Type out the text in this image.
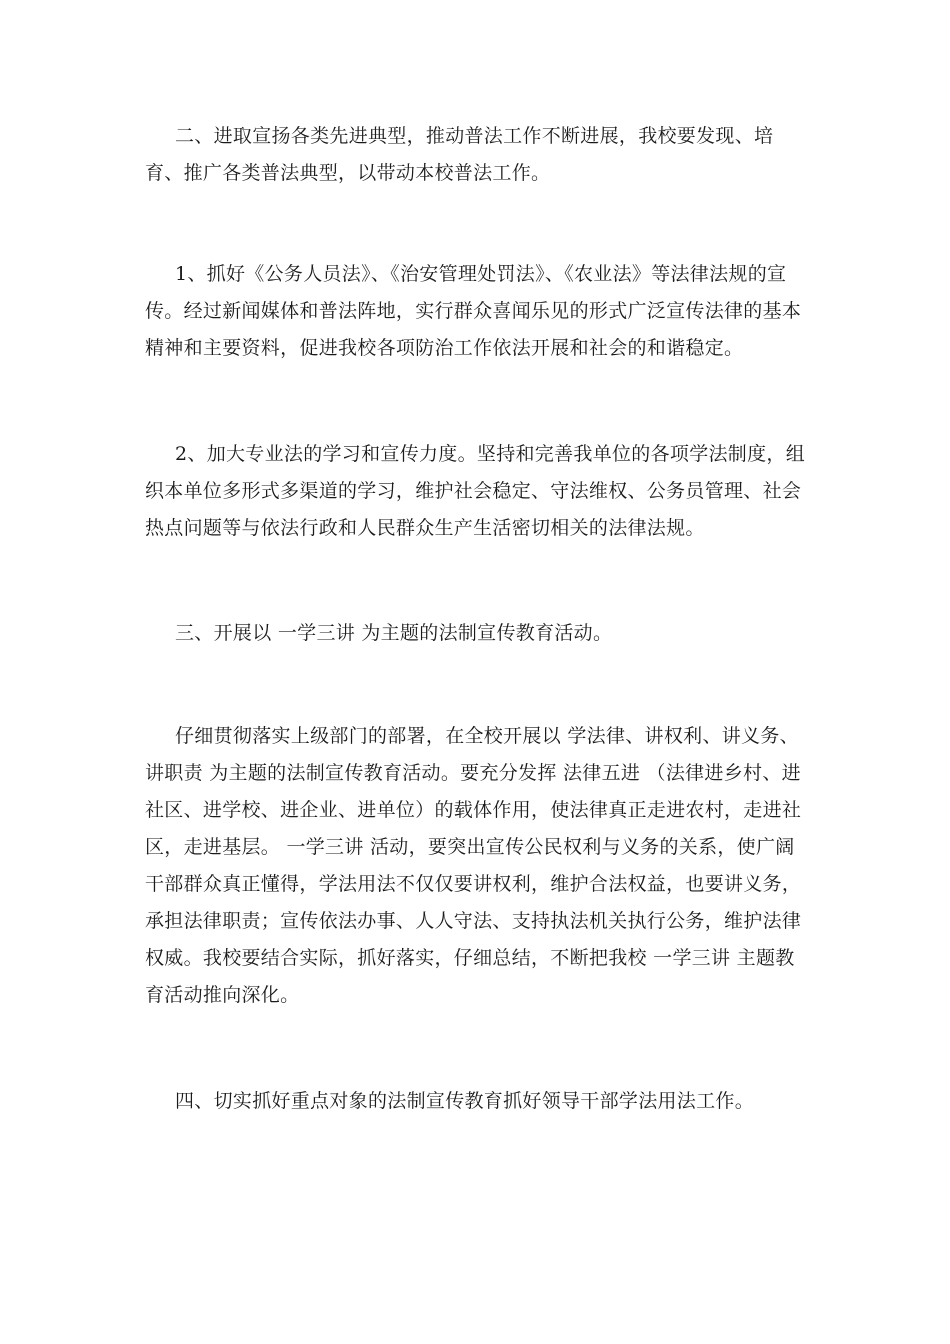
二、进取宣扬各类先进典型，推动普法工作不断进展，我校要发现、培育、推广各类普法典型，以带动本校普法工作。

1、抓好《公务人员法》、《治安管理处罚法》、《农业法》等法律法规的宣传。经过新闻媒体和普法阵地，实行群众喜闻乐见的形式广泛宣传法律的基本精神和主要资料，促进我校各项防治工作依法开展和社会的和谐稳定。

2、加大专业法的学习和宣传力度。坚持和完善我单位的各项学法制度，组织本单位多形式多渠道的学习，维护社会稳定、守法维权、公务员管理、社会热点问题等与依法行政和人民群众生产生活密切相关的法律法规。

三、开展以 一学三讲 为主题的法制宣传教育活动。

仔细贯彻落实上级部门的部署，在全校开展以 学法律、讲权利、讲义务、讲职责 为主题的法制宣传教育活动。要充分发挥 法律五进 （法律进乡村、进社区、进学校、进企业、进单位）的载体作用，使法律真正走进农村，走进社区，走进基层。 一学三讲 活动，要突出宣传公民权利与义务的关系，使广阔干部群众真正懂得，学法用法不仅仅要讲权利，维护合法权益，也要讲义务，承担法律职责；宣传依法办事、人人守法、支持执法机关执行公务，维护法律权威。我校要结合实际，抓好落实，仔细总结，不断把我校 一学三讲 主题教育活动推向深化。

四、切实抓好重点对象的法制宣传教育抓好领导干部学法用法工作。
